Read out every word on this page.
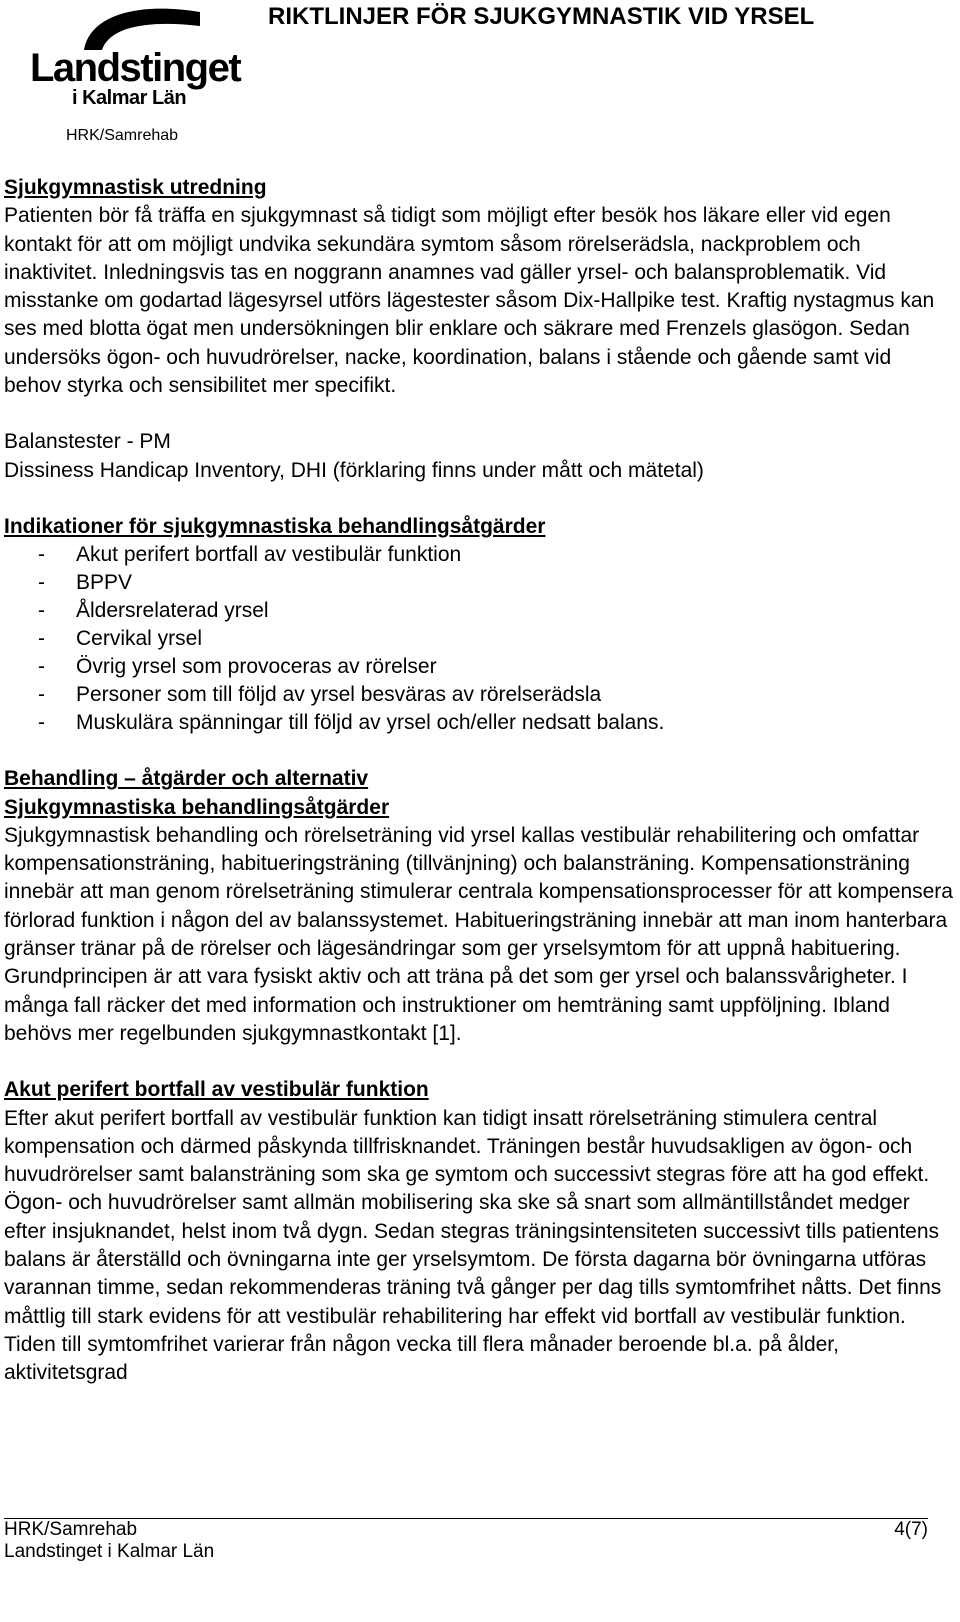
Landstinget
i Kalmar Län
RIKTLINJER FÖR SJUKGYMNASTIK VID YRSEL
HRK/Samrehab
Sjukgymnastisk utredning

Patienten bör få träffa en sjukgymnast så tidigt som möjligt efter besök hos läkare eller vid egen kontakt för att om möjligt undvika sekundära symtom såsom rörelserädsla, nackproblem och inaktivitet. Inledningsvis tas en noggrann anamnes vad gäller yrsel- och balansproblematik. Vid misstanke om godartad lägesyrsel utförs lägestester såsom Dix-Hallpike test. Kraftig nystagmus kan ses med blotta ögat men undersökningen blir enklare och säkrare med Frenzels glasögon. Sedan undersöks ögon- och huvudrörelser, nacke, koordination, balans i stående och gående samt vid behov styrka och sensibilitet mer specifikt.

Balanstester - PM

Dissiness Handicap Inventory, DHI (förklaring finns under mått och mätetal)

Indikationer för sjukgymnastiska behandlingsåtgärder
- Akut perifert bortfall av vestibulär funktion
- BPPV
- Åldersrelaterad yrsel
- Cervikal yrsel
- Övrig yrsel som provoceras av rörelser
- Personer som till följd av yrsel besväras av rörelserädsla
- Muskulära spänningar till följd av yrsel och/eller nedsatt balans.
Behandling – åtgärder och alternativ
Sjukgymnastiska behandlingsåtgärder

Sjukgymnastisk behandling och rörelseträning vid yrsel kallas vestibulär rehabilitering och omfattar kompensationsträning, habitueringsträning (tillvänjning) och balansträning. Kompensationsträning innebär att man genom rörelseträning stimulerar centrala kompensationsprocesser för att kompensera förlorad funktion i någon del av balanssystemet. Habitueringsträning innebär att man inom hanterbara gränser tränar på de rörelser och lägesändringar som ger yrselsymtom för att uppnå habituering. Grundprincipen är att vara fysiskt aktiv och att träna på det som ger yrsel och balanssvårigheter. I många fall räcker det med information och instruktioner om hemträning samt uppföljning. Ibland behövs mer regelbunden sjukgymnastkontakt [1].

Akut perifert bortfall av vestibulär funktion

Efter akut perifert bortfall av vestibulär funktion kan tidigt insatt rörelseträning stimulera central kompensation och därmed påskynda tillfrisknandet. Träningen består huvudsakligen av ögon- och huvudrörelser samt balansträning som ska ge symtom och successivt stegras före att ha god effekt. Ögon- och huvudrörelser samt allmän mobilisering ska ske så snart som allmäntillståndet medger efter insjuknandet, helst inom två dygn. Sedan stegras träningsintensiteten successivt tills patientens balans är återställd och övningarna inte ger yrselsymtom. De första dagarna bör övningarna utföras varannan timme, sedan rekommenderas träning två gånger per dag tills symtomfrihet nåtts. Det finns måttlig till stark evidens för att vestibulär rehabilitering har effekt vid bortfall av vestibulär funktion. Tiden till symtomfrihet varierar från någon vecka till flera månader beroende bl.a. på ålder, aktivitetsgrad

HRK/Samrehab	4(7)
Landstinget i Kalmar Län
